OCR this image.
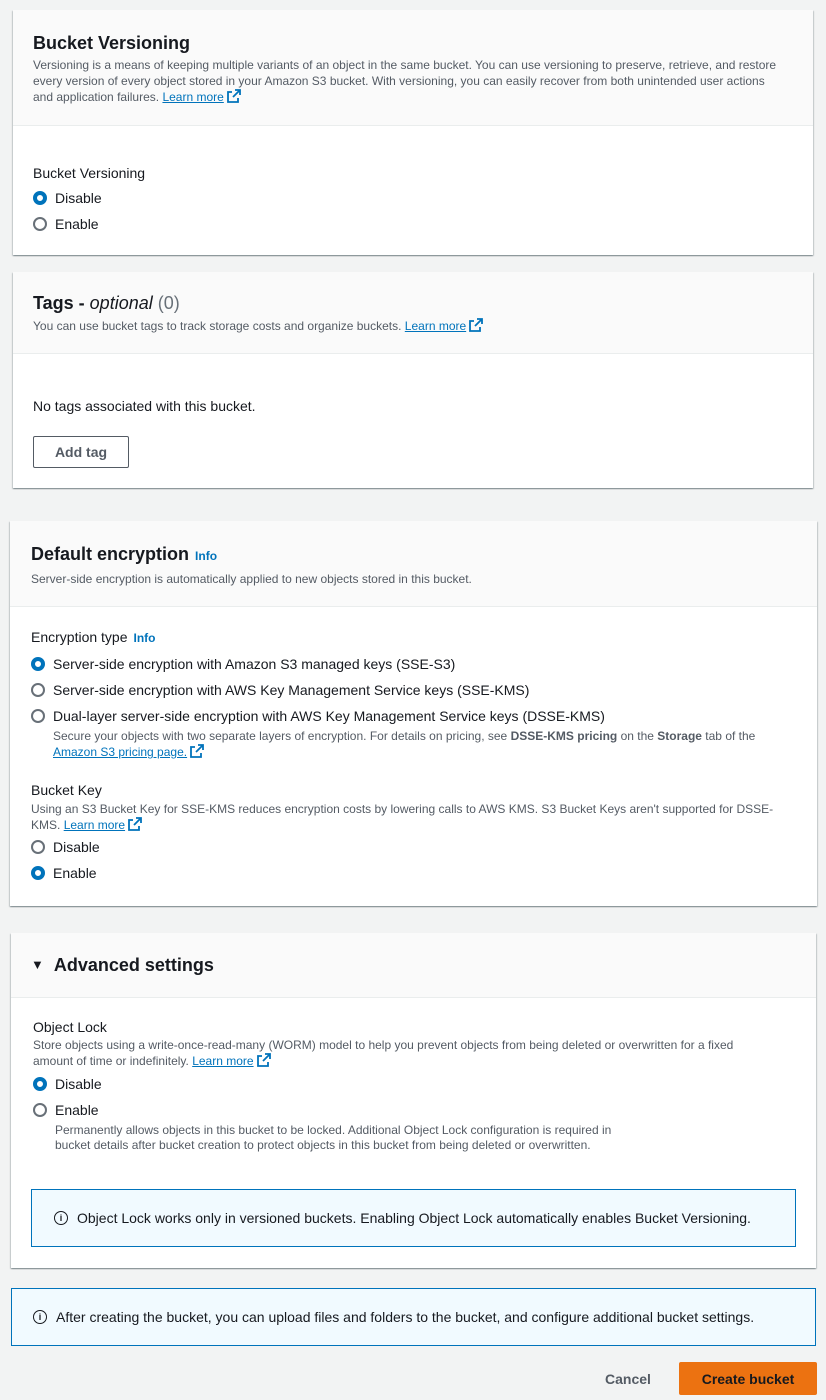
Bucket Versioning
Versioning is a means of keeping multiple variants of an object in the same bucket. You can use versioning to preserve, retrieve, and restore every version of every object stored in your Amazon S3 bucket. With versioning, you can easily recover from both unintended user actions and application failures. Learn more
Bucket Versioning
Disable
Enable
Tags - optional (0)
You can use bucket tags to track storage costs and organize buckets. Learn more
No tags associated with this bucket.
Add tag
Default encryption Info
Server-side encryption is automatically applied to new objects stored in this bucket.
Encryption type Info
Server-side encryption with Amazon S3 managed keys (SSE-S3)
Server-side encryption with AWS Key Management Service keys (SSE-KMS)
Dual-layer server-side encryption with AWS Key Management Service keys (DSSE-KMS)
Secure your objects with two separate layers of encryption. For details on pricing, see DSSE-KMS pricing on the Storage tab of the
Amazon S3 pricing page.
Bucket Key
Using an S3 Bucket Key for SSE-KMS reduces encryption costs by lowering calls to AWS KMS. S3 Bucket Keys aren't supported for DSSE-KMS. Learn more
Disable
Enable
▼ Advanced settings
Object Lock
Store objects using a write-once-read-many (WORM) model to help you prevent objects from being deleted or overwritten for a fixed amount of time or indefinitely. Learn more
Disable
Enable
Permanently allows objects in this bucket to be locked. Additional Object Lock configuration is required in bucket details after bucket creation to protect objects in this bucket from being deleted or overwritten.
i	Object Lock works only in versioned buckets. Enabling Object Lock automatically enables Bucket Versioning.
i	After creating the bucket, you can upload files and folders to the bucket, and configure additional bucket settings.
Cancel	Create bucket
